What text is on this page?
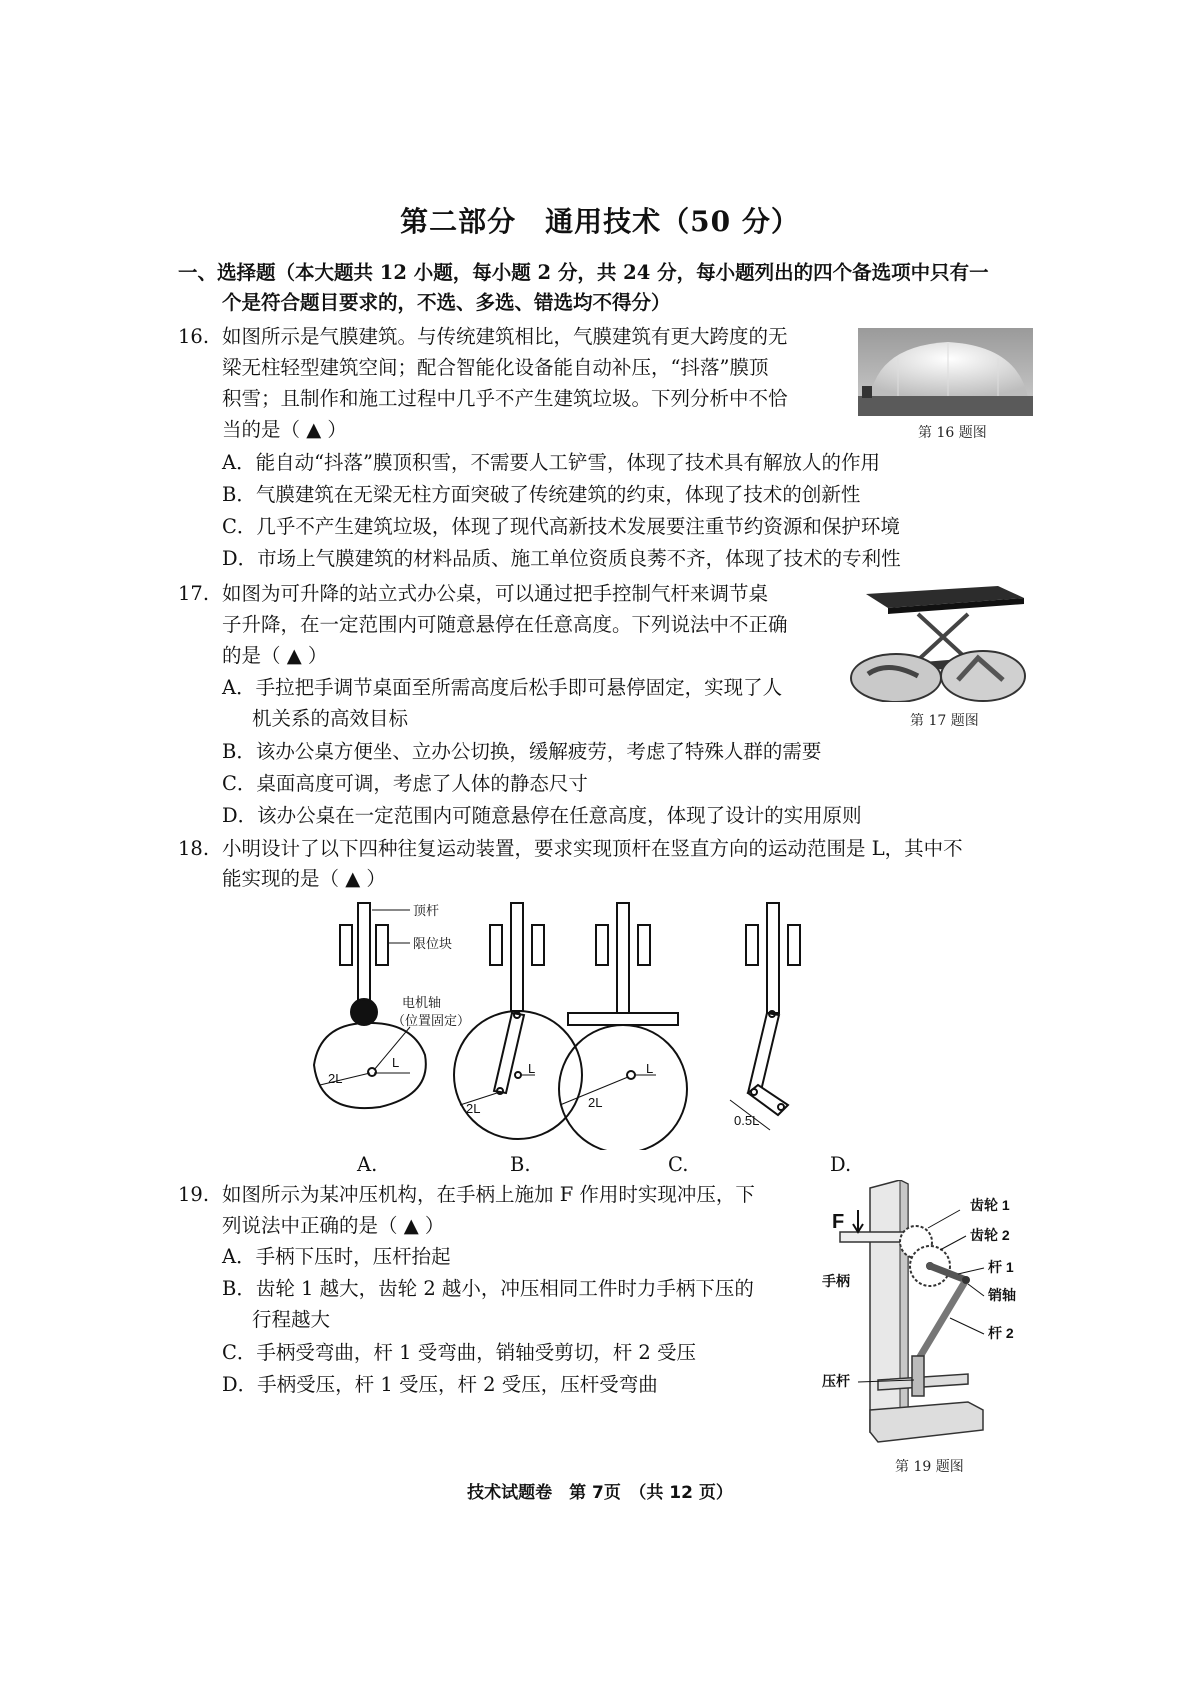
第二部分　通用技术（50 分）
一、选择题（本大题共 12 小题，每小题 2 分，共 24 分，每小题列出的四个备选项中只有一
个是符合题目要求的，不选、多选、错选均不得分）
16. 如图所示是气膜建筑。与传统建筑相比，气膜建筑有更大跨度的无
梁无柱轻型建筑空间；配合智能化设备能自动补压，“抖落”膜顶
积雪；且制作和施工过程中几乎不产生建筑垃圾。下列分析中不恰
当的是（ ▲ ）
A．能自动“抖落”膜顶积雪，不需要人工铲雪，体现了技术具有解放人的作用
B．气膜建筑在无梁无柱方面突破了传统建筑的约束，体现了技术的创新性
C．几乎不产生建筑垃圾，体现了现代高新技术发展要注重节约资源和保护环境
D．市场上气膜建筑的材料品质、施工单位资质良莠不齐，体现了技术的专利性
第 16 题图
17. 如图为可升降的站立式办公桌，可以通过把手控制气杆来调节桌
子升降，在一定范围内可随意悬停在任意高度。下列说法中不正确
的是（ ▲ ）
A．手拉把手调节桌面至所需高度后松手即可悬停固定，实现了人
机关系的高效目标
B．该办公桌方便坐、立办公切换，缓解疲劳，考虑了特殊人群的需要
C．桌面高度可调，考虑了人体的静态尺寸
D．该办公桌在一定范围内可随意悬停在任意高度，体现了设计的实用原则
第 17 题图
18. 小明设计了以下四种往复运动装置，要求实现顶杆在竖直方向的运动范围是 L，其中不
能实现的是（ ▲ ）
顶杆
限位块
电机轴
（位置固定）
2L
L
2L
L
2L
L
0.5L
A.	B.	C.	D.
19. 如图所示为某冲压机构，在手柄上施加 F 作用时实现冲压，下
列说法中正确的是（ ▲ ）
A．手柄下压时，压杆抬起
B．齿轮 1 越大，齿轮 2 越小，冲压相同工件时力手柄下压的
行程越大
C．手柄受弯曲，杆 1 受弯曲，销轴受剪切，杆 2 受压
D．手柄受压，杆 1 受压，杆 2 受压，压杆受弯曲
F
齿轮 1
齿轮 2
手柄
杆 1
销轴
杆 2
压杆
第 19 题图
技术试题卷　第 7页　（共 12 页）
